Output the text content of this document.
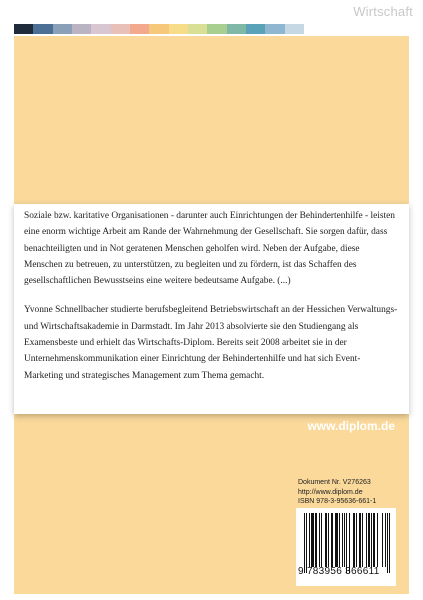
Wirtschaft

Soziale bzw. karitative Organisationen - darunter auch Einrichtungen der Behindertenhilfe - leisten eine enorm wichtige Arbeit am Rande der Wahrnehmung der Gesellschaft. Sie sorgen dafür, dass benachteiligten und in Not geratenen Menschen geholfen wird. Neben der Aufgabe, diese Menschen zu betreuen, zu unterstützen, zu begleiten und zu fördern, ist das Schaffen des gesellschaftlichen Bewusstseins eine weitere bedeutsame Aufgabe. (...)

Yvonne Schnellbacher studierte berufsbegleitend Betriebswirtschaft an der Hessichen Verwaltungs- und Wirtschaftsakademie in Darmstadt. Im Jahr 2013 absolvierte sie den Studiengang als Examensbeste und erhielt das Wirtschafts-Diplom. Bereits seit 2008 arbeitet sie in der Unternehmenskommunikation einer Einrichtung der Behindertenhilfe und hat sich Event-Marketing und strategisches Management zum Thema gemacht.

www.diplom.de
Dokument Nr. V276263
http://www.diplom.de
ISBN 978-3-95636-661-1
9 783956 366611
